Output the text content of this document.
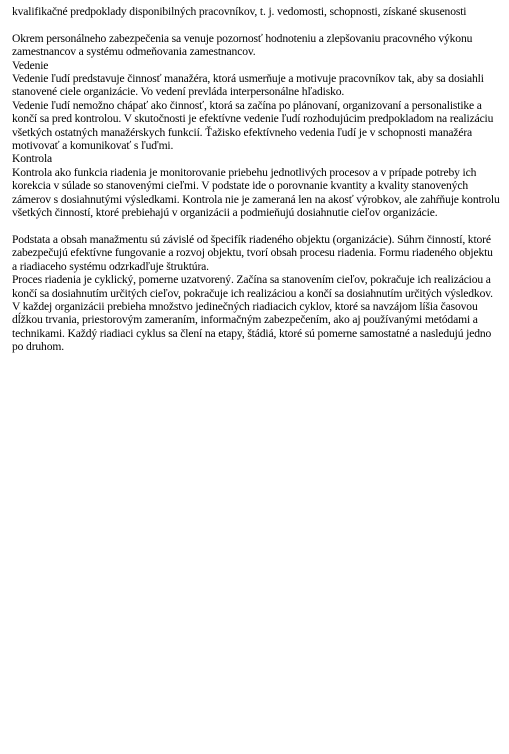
kvalifikačné predpoklady disponibilných pracovníkov, t. j. vedomosti, schopnosti, získané skusenosti

Okrem personálneho zabezpečenia sa venuje pozornosť hodnoteniu a zlepšovaniu pracovného výkonu zamestnancov a systému odmeňovania zamestnancov.

Vedenie

Vedenie ľudí predstavuje činnosť manažéra, ktorá usmerňuje a motivuje pracovníkov tak, aby sa dosiahli stanovené ciele organizácie. Vo vedení prevláda interpersonálne hľadisko.

Vedenie ľudí nemožno chápať ako činnosť, ktorá sa začína po plánovaní, organizovaní a personalistike a končí sa pred kontrolou. V skutočnosti je efektívne vedenie ľudí rozhodujúcim predpokladom na realizáciu všetkých ostatných manažérskych funkcií. Ťažisko efektívneho vedenia ľudí je v schopnosti manažéra motivovať a komunikovať s ľuďmi.

Kontrola

Kontrola ako funkcia riadenia je monitorovanie priebehu jednotlivých procesov a v prípade potreby ich korekcia v súlade so stanovenými cieľmi. V podstate ide o porovnanie kvantity a kvality stanovených zámerov s dosiahnutými výsledkami. Kontrola nie je zameraná len na akosť výrobkov, ale zahŕňuje kontrolu všetkých činností, ktoré prebiehajú v organizácii a podmieňujú dosiahnutie cieľov organizácie.

Podstata a obsah manažmentu sú závislé od špecifík riadeného objektu (organizácie). Súhrn činností, ktoré zabezpečujú efektívne fungovanie a rozvoj objektu, tvorí obsah procesu riadenia. Formu riadeného objektu a riadiaceho systému odzrkadľuje štruktúra.

Proces riadenia je cyklický, pomerne uzatvorený. Začína sa stanovením cieľov, pokračuje ich realizáciou a končí sa dosiahnutím určitých cieľov, pokračuje ich realizáciou a končí sa dosiahnutím určitých výsledkov. V každej organizácii prebieha množstvo jedinečných riadiacich cyklov, ktoré sa navzájom líšia časovou dĺžkou trvania, priestorovým zameraním, informačným zabezpečením, ako aj používanými metódami a technikami. Každý riadiaci cyklus sa člení na etapy, štádiá, ktoré sú pomerne samostatné a nasledujú jedno po druhom.
